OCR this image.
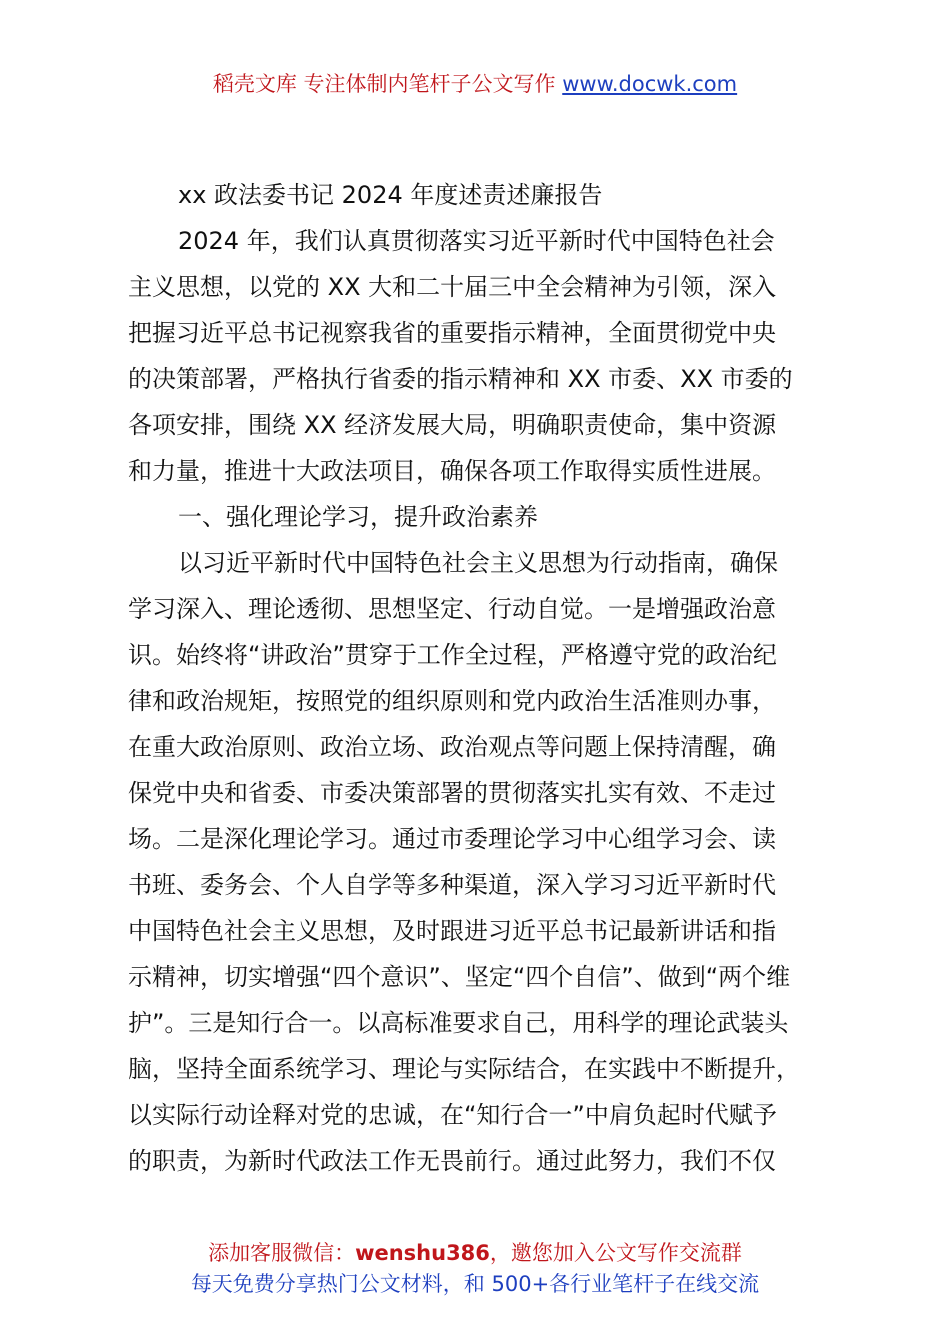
稻壳文库 专注体制内笔杆子公文写作 www.docwk.com
xx 政法委书记 2024 年度述责述廉报告
2024 年，我们认真贯彻落实习近平新时代中国特色社会
主义思想，以党的 XX 大和二十届三中全会精神为引领，深入
把握习近平总书记视察我省的重要指示精神，全面贯彻党中央
的决策部署，严格执行省委的指示精神和 XX 市委、XX 市委的
各项安排，围绕 XX 经济发展大局，明确职责使命，集中资源
和力量，推进十大政法项目，确保各项工作取得实质性进展。
一、强化理论学习，提升政治素养
以习近平新时代中国特色社会主义思想为行动指南，确保
学习深入、理论透彻、思想坚定、行动自觉。一是增强政治意
识。始终将“讲政治”贯穿于工作全过程，严格遵守党的政治纪
律和政治规矩，按照党的组织原则和党内政治生活准则办事，
在重大政治原则、政治立场、政治观点等问题上保持清醒，确
保党中央和省委、市委决策部署的贯彻落实扎实有效、不走过
场。二是深化理论学习。通过市委理论学习中心组学习会、读
书班、委务会、个人自学等多种渠道，深入学习习近平新时代
中国特色社会主义思想，及时跟进习近平总书记最新讲话和指
示精神，切实增强“四个意识”、坚定“四个自信”、做到“两个维
护”。三是知行合一。以高标准要求自己，用科学的理论武装头
脑，坚持全面系统学习、理论与实际结合，在实践中不断提升，
以实际行动诠释对党的忠诚，在“知行合一”中肩负起时代赋予
的职责，为新时代政法工作无畏前行。通过此努力，我们不仅
添加客服微信：wenshu386，邀您加入公文写作交流群
每天免费分享热门公文材料，和 500+各行业笔杆子在线交流
